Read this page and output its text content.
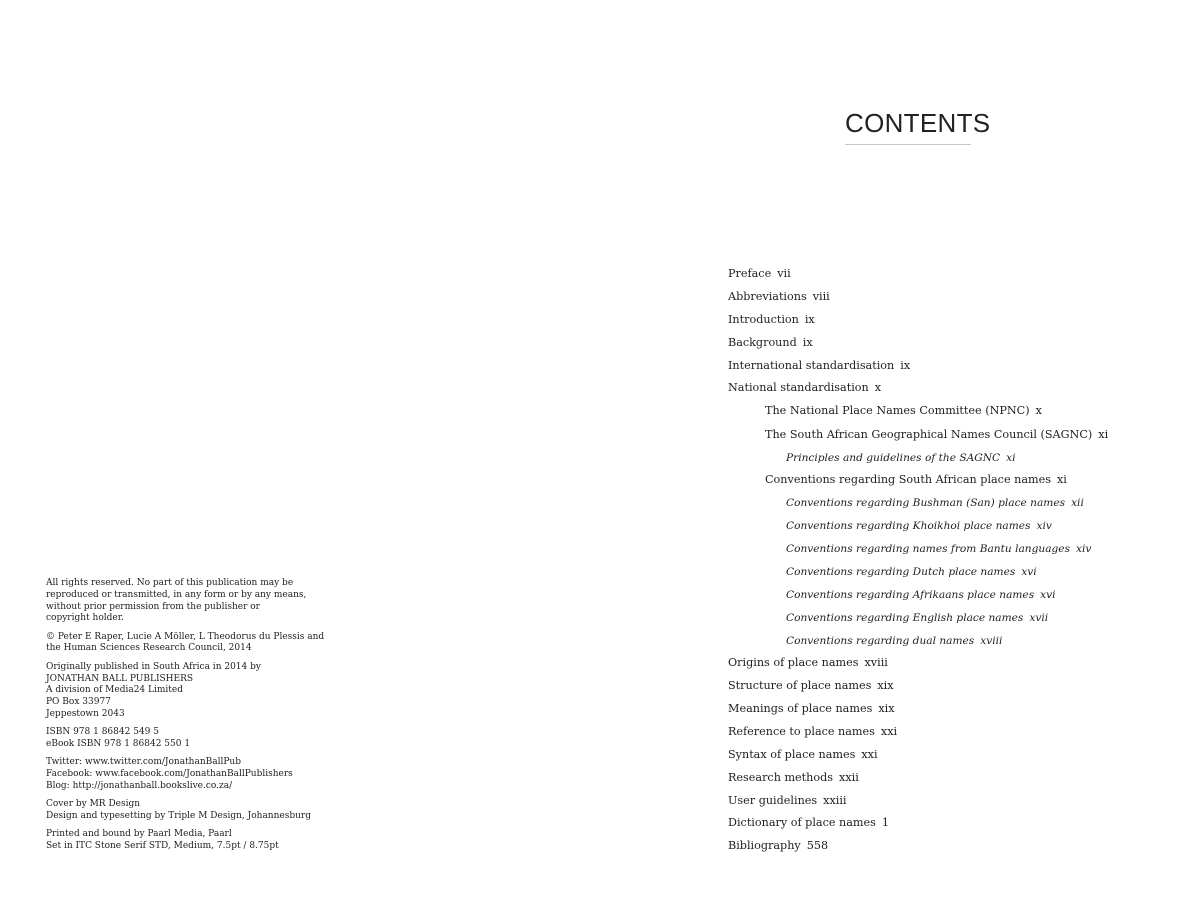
All rights reserved. No part of this publication may be
reproduced or transmitted, in any form or by any means,
without prior permission from the publisher or
copyright holder.
© Peter E Raper, Lucie A Möller, L Theodorus du Plessis and
the Human Sciences Research Council, 2014
Originally published in South Africa in 2014 by
JONATHAN BALL PUBLISHERS
A division of Media24 Limited
PO Box 33977
Jeppestown 2043
ISBN 978 1 86842 549 5
eBook ISBN 978 1 86842 550 1
Twitter: www.twitter.com/JonathanBallPub
Facebook: www.facebook.com/JonathanBallPublishers
Blog: http://jonathanball.bookslive.co.za/
Cover by MR Design
Design and typesetting by Triple M Design, Johannesburg
Printed and bound by Paarl Media, Paarl
Set in ITC Stone Serif STD, Medium, 7.5pt / 8.75pt
CONTENTS
Preface vii
Abbreviations viii
Introduction ix
Background ix
International standardisation ix
National standardisation x
The National Place Names Committee (NPNC) x
The South African Geographical Names Council (SAGNC) xi
Principles and guidelines of the SAGNC xi
Conventions regarding South African place names xi
Conventions regarding Bushman (San) place names xii
Conventions regarding Khoikhoi place names xiv
Conventions regarding names from Bantu languages xiv
Conventions regarding Dutch place names xvi
Conventions regarding Afrikaans place names xvi
Conventions regarding English place names xvii
Conventions regarding dual names xviii
Origins of place names xviii
Structure of place names xix
Meanings of place names xix
Reference to place names xxi
Syntax of place names xxi
Research methods xxii
User guidelines xxiii
Dictionary of place names 1
Bibliography 558
